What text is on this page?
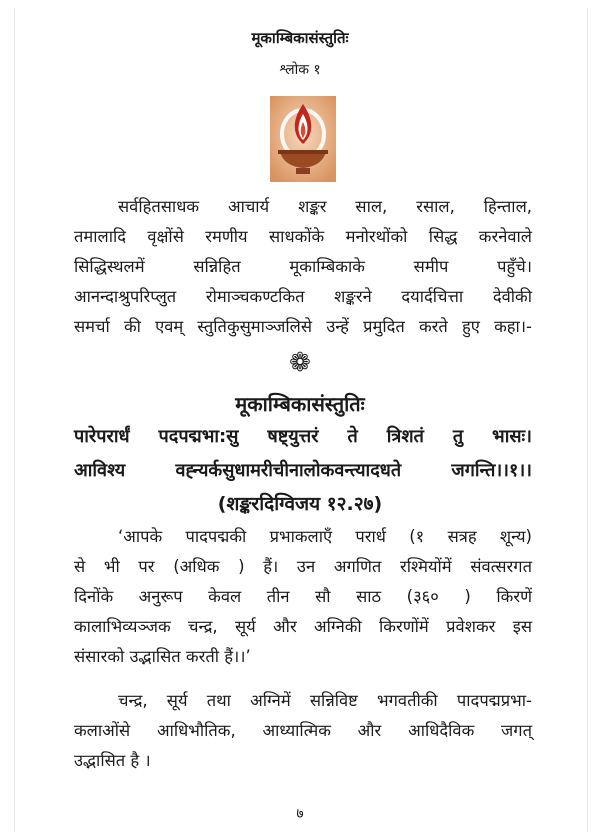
मूकाम्बिकासंस्तुतिः
श्लोक १
सर्वहितसाधक आचार्य शङ्कर साल, रसाल, हिन्ताल,
तमालादि वृक्षोंसे रमणीय साधकोंके मनोरथोंको सिद्ध करनेवाले
सिद्धिस्थलमें सन्निहित मूकाम्बिकाके समीप पहुँचे।
आनन्दाश्रुपरिप्लुत रोमाञ्चकण्टकित शङ्करने दयार्दचित्ता देवीकी
समर्चा की एवम् स्तुतिकुसुमाञ्जलिसे उन्हें प्रमुदित करते हुए कहा।-
❁
मूकाम्बिकासंस्तुतिः
पारेपरार्धं पदपद्मभा:सु षष्ट्युत्तरं ते त्रिशतं तु भासः।
आविश्य वह्न्यर्कसुधामरीचीनालोकवन्त्यादधते जगन्ति।।१।।
(शङ्करदिग्विजय १२.२७)
‘आपके पादपद्मकी प्रभाकलाएँ परार्ध (१ सत्रह शून्य)
से भी पर (अधिक ) हैं। उन अगणित रश्मियोंमें संवत्सरगत
दिनोंके अनुरूप केवल तीन सौ साठ (३६० ) किरणें
कालाभिव्यञ्जक चन्द्र, सूर्य और अग्निकी किरणोंमें प्रवेशकर इस
संसारको उद्भासित करती हैं।।’
चन्द्र, सूर्य तथा अग्निमें सन्निविष्ट भगवतीकी पादपद्मप्रभा-
कलाओंसे आधिभौतिक, आध्यात्मिक और आधिदैविक जगत्
उद्भासित है ।
७
